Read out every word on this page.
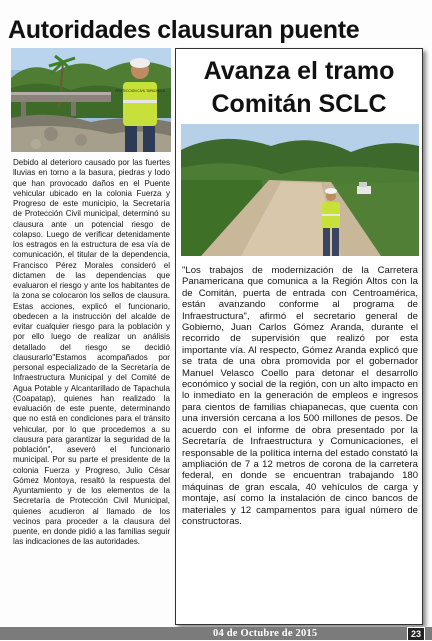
Autoridades clausuran puente
PROTECCION CIVIL TAPACHULA
Debido al deterioro causado por las fuertes lluvias en torno a la basura, piedras y lodo que han provocado daños en el Puente vehicular ubicado en la colonia Fuerza y Progreso de este municipio, la Secretaría de Protección Civil municipal, determinó su clausura ante un potencial riesgo de colapso. Luego de verificar detenidamente los estragos en la estructura de esa vía de comunicación, el titular de la dependencia, Francisco Pérez Morales consideró el dictamen de las dependencias que evaluaron el riesgo y ante los habitantes de la zona se colocaron los sellos de clausura. Estas acciones, explicó el funcionario, obedecen a la instrucción del alcalde de evitar cualquier riesgo para la población y por ello luego de realizar un análisis detallado del riesgo se decidió clausurarlo"Estamos acompañados por personal especializado de la Secretaría de Infraestructura Municipal y del Comité de Agua Potable y Alcantarillado de Tapachula (Coapatap), quienes han realizado la evaluación de este puente, determinando que no está en condiciones para el tránsito vehicular, por lo que procedemos a su clausura para garantizar la seguridad de la población", aseveró el funcionario municipal. Por su parte el presidente de la colonia Fuerza y Progreso, Julio César Gómez Montoya, resaltó la respuesta del Ayuntamiento y de los elementos de la Secretaría de Protección Civil Municipal, quienes acudieron al llamado de los vecinos para proceder a la clausura del puente, en donde pidió a las familias seguir las indicaciones de las autoridades.
Avanza el tramo
Comitán SCLC
"Los trabajos de modernización de la Carretera Panamericana que comunica a la Región Altos con la de Comitán, puerta de entrada con Centroamérica, están avanzando conforme al programa de Infraestructura", afirmó el secretario general de Gobierno, Juan Carlos Gómez Aranda, durante el recorrido de supervisión que realizó por esta importante vía. Al respecto, Gómez Aranda explicó que se trata de una obra promovida por el gobernador Manuel Velasco Coello para detonar el desarrollo económico y social de la región, con un alto impacto en lo inmediato en la generación de empleos e ingresos para cientos de familias chiapanecas, que cuenta con una inversión cercana a los 500 millones de pesos. De acuerdo con el informe de obra presentado por la Secretaría de Infraestructura y Comunicaciones, el responsable de la política interna del estado constató la ampliación de 7 a 12 metros de corona de la carretera federal, en donde se encuentran trabajando 180 máquinas de gran escala, 40 vehículos de carga y montaje, así como la instalación de cinco bancos de materiales y 12 campamentos para igual número de constructoras.
04 de Octubre de 2015	23
